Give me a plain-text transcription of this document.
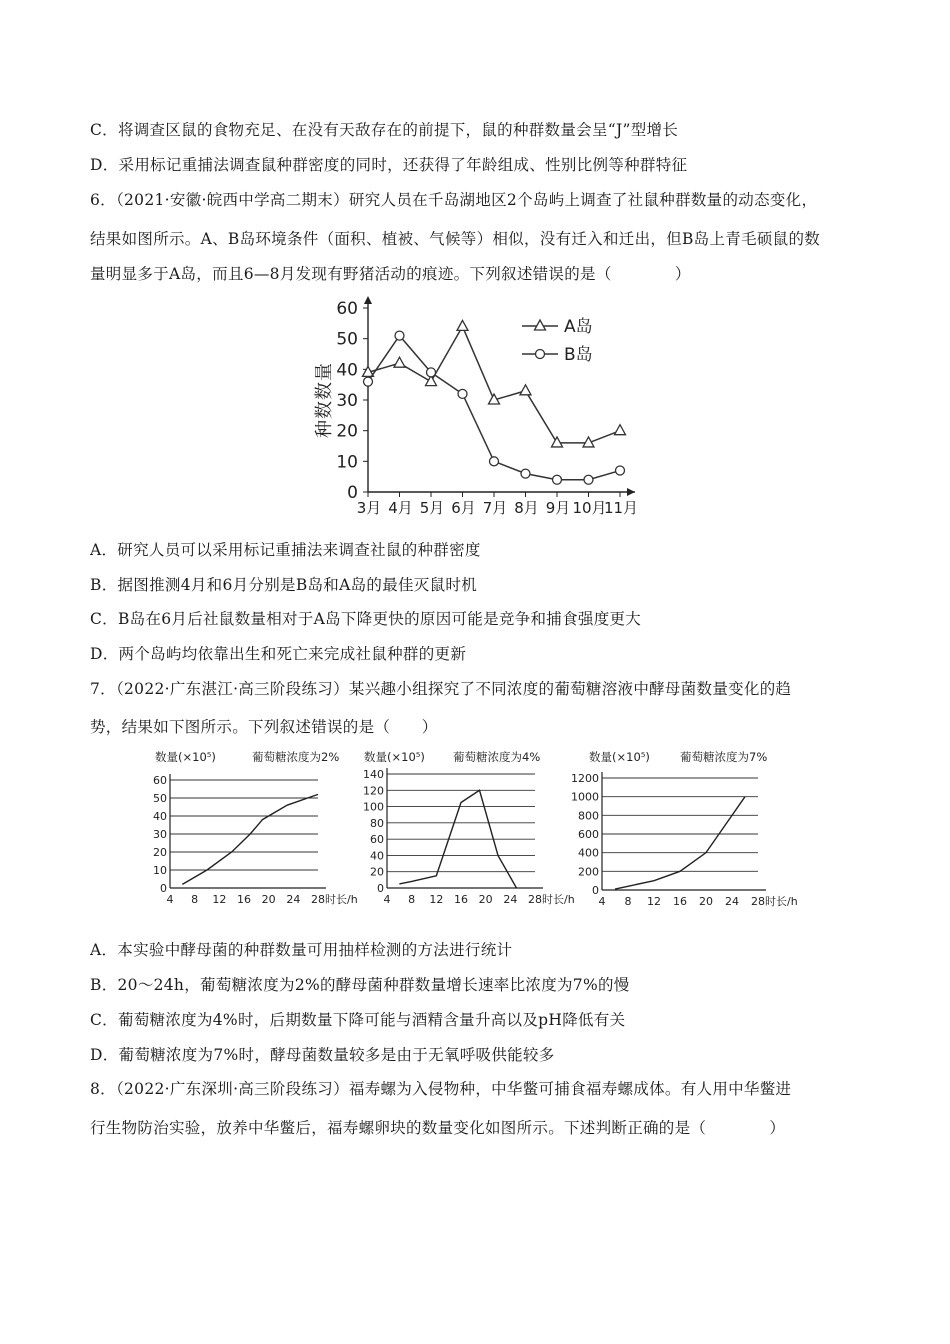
C．将调查区鼠的食物充足、在没有天敌存在的前提下，鼠的种群数量会呈“J”型增长
D．采用标记重捕法调查鼠种群密度的同时，还获得了年龄组成、性别比例等种群特征
6．（2021·安徽·皖西中学高二期末）研究人员在千岛湖地区2个岛屿上调查了社鼠种群数量的动态变化，
结果如图所示。A、B岛环境条件（面积、植被、气候等）相似，没有迁入和迁出，但B岛上青毛硕鼠的数
量明显多于A岛，而且6—8月发现有野猪活动的痕迹。下列叙述错误的是（　　　　）
0
10
20
30
40
50
60
3月 4月 5月 6月 7月 8月 9月 10月
11月
种数数量
A岛
B岛
A．研究人员可以采用标记重捕法来调查社鼠的种群密度
B．据图推测4月和6月分别是B岛和A岛的最佳灭鼠时机
C．B岛在6月后社鼠数量相对于A岛下降更快的原因可能是竞争和捕食强度更大
D．两个岛屿均依靠出生和死亡来完成社鼠种群的更新
7．（2022·广东湛江·高三阶段练习）某兴趣小组探究了不同浓度的葡萄糖溶液中酵母菌数量变化的趋
势，结果如下图所示。下列叙述错误的是（　　）
0
10
20
30
40
50
60
4 8 12 16 20 24 28 时长/h
数量(×10⁵)	葡萄糖浓度为2%
0
20
40
60
80
100
120
140
4 8 12 16 20 24 28 时长/h
数量(×10⁵) 葡萄糖浓度为4%
0
200
400
600
800
1000
1200
4 8 12 16 20 24 28 时长/h
数量(×10⁵)	葡萄糖浓度为7%
A．本实验中酵母菌的种群数量可用抽样检测的方法进行统计
B．20～24h，葡萄糖浓度为2%的酵母菌种群数量增长速率比浓度为7%的慢
C．葡萄糖浓度为4%时，后期数量下降可能与酒精含量升高以及pH降低有关
D．葡萄糖浓度为7%时，酵母菌数量较多是由于无氧呼吸供能较多
8．（2022·广东深圳·高三阶段练习）福寿螺为入侵物种，中华鳖可捕食福寿螺成体。有人用中华鳖进
行生物防治实验，放养中华鳖后，福寿螺卵块的数量变化如图所示。下述判断正确的是（　　　　）
